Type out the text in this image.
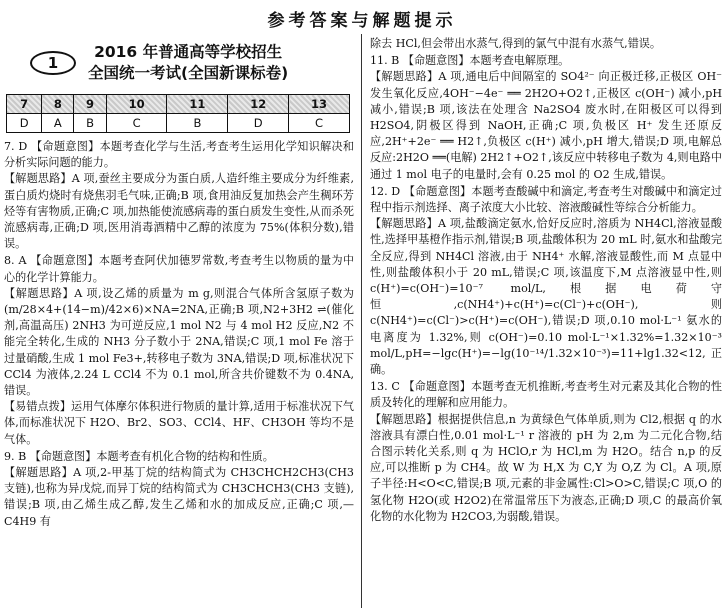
参考答案与解题提示
1
2016 年普通高等学校招生
全国统一考试(全国新课标卷)
7	8	9	10	11	12	13
D	A	B	C	B	D	C

7. D 【命题意图】本题考查化学与生活,考查考生运用化学知识解决和分析实际问题的能力。

【解题思路】A 项,蚕丝主要成分为蛋白质,人造纤维主要成分为纤维素,蛋白质灼烧时有烧焦羽毛气味,正确;B 项,食用油反复加热会产生稠环芳烃等有害物质,正确;C 项,加热能使流感病毒的蛋白质发生变性,从而杀死流感病毒,正确;D 项,医用消毒酒精中乙醇的浓度为 75%(体积分数),错误。

8. A 【命题意图】本题考查阿伏加德罗常数,考查考生以物质的量为中心的化学计算能力。

【解题思路】A 项,设乙烯的质量为 m g,则混合气体所含氢原子数为 (m/28×4+(14−m)/42×6)×NA=2NA,正确;B 项,N2+3H2 ⇌(催化剂,高温高压) 2NH3 为可逆反应,1 mol N2 与 4 mol H2 反应,N2 不能完全转化,生成的 NH3 分子数小于 2NA,错误;C 项,1 mol Fe 溶于过量硝酸,生成 1 mol Fe3+,转移电子数为 3NA,错误;D 项,标准状况下 CCl4 为液体,2.24 L CCl4 不为 0.1 mol,所含共价键数不为 0.4NA,错误。

【易错点拨】运用气体摩尔体积进行物质的量计算,适用于标准状况下气体,而标准状况下 H2O、Br2、SO3、CCl4、HF、CH3OH 等均不是气体。

9. B 【命题意图】本题考查有机化合物的结构和性质。

【解题思路】A 项,2-甲基丁烷的结构简式为 CH3CHCH2CH3(CH3 支链),也称为异戊烷,而异丁烷的结构简式为 CH3CHCH3(CH3 支链),错误;B 项,由乙烯生成乙醇,发生乙烯和水的加成反应,正确;C 项,—C4H9 有

除去 HCl,但会带出水蒸气,得到的氯气中混有水蒸气,错误。

11. B 【命题意图】本题考查电解原理。

【解题思路】A 项,通电后中间隔室的 SO4²⁻ 向正极迁移,正极区 OH⁻ 发生氧化反应,4OH⁻−4e⁻ ══ 2H2O+O2↑,正极区 c(OH⁻) 减小,pH 减小,错误;B 项,该法在处理含 Na2SO4 废水时,在阳极区可以得到 H2SO4,阴极区得到 NaOH,正确;C 项,负极区 H⁺ 发生还原反应,2H⁺+2e⁻ ══ H2↑,负极区 c(H⁺) 减小,pH 增大,错误;D 项,电解总反应:2H2O ══(电解) 2H2↑+O2↑,该反应中转移电子数为 4,则电路中通过 1 mol 电子的电量时,会有 0.25 mol 的 O2 生成,错误。

12. D 【命题意图】本题考查酸碱中和滴定,考查考生对酸碱中和滴定过程中指示剂选择、离子浓度大小比较、溶液酸碱性等综合分析能力。

【解题思路】A 项,盐酸滴定氨水,恰好反应时,溶质为 NH4Cl,溶液显酸性,选择甲基橙作指示剂,错误;B 项,盐酸体积为 20 mL 时,氨水和盐酸完全反应,得到 NH4Cl 溶液,由于 NH4⁺ 水解,溶液显酸性,而 M 点显中性,则盐酸体积小于 20 mL,错误;C 项,该温度下,M 点溶液显中性,则 c(H⁺)=c(OH⁻)=10⁻⁷ mol/L,根据电荷守恒,c(NH4⁺)+c(H⁺)=c(Cl⁻)+c(OH⁻),则 c(NH4⁺)=c(Cl⁻)>c(H⁺)=c(OH⁻),错误;D 项,0.10 mol·L⁻¹ 氨水的电离度为 1.32%,则 c(OH⁻)=0.10 mol·L⁻¹×1.32%=1.32×10⁻³ mol/L,pH=−lgc(H⁺)=−lg(10⁻¹⁴/1.32×10⁻³)=11+lg1.32<12,正确。

13. C 【命题意图】本题考查无机推断,考查考生对元素及其化合物的性质及转化的理解和应用能力。

【解题思路】根据提供信息,n 为黄绿色气体单质,则为 Cl2,根据 q 的水溶液具有漂白性,0.01 mol·L⁻¹ r 溶液的 pH 为 2,m 为二元化合物,结合图示转化关系,则 q 为 HClO,r 为 HCl,m 为 H2O。结合 n,p 的反应,可以推断 p 为 CH4。故 W 为 H,X 为 C,Y 为 O,Z 为 Cl。A 项,原子半径:H<O<C,错误;B 项,元素的非金属性:Cl>O>C,错误;C 项,O 的氢化物 H2O(或 H2O2)在常温常压下为液态,正确;D 项,C 的最高价氧化物的水化物为 H2CO3,为弱酸,错误。
